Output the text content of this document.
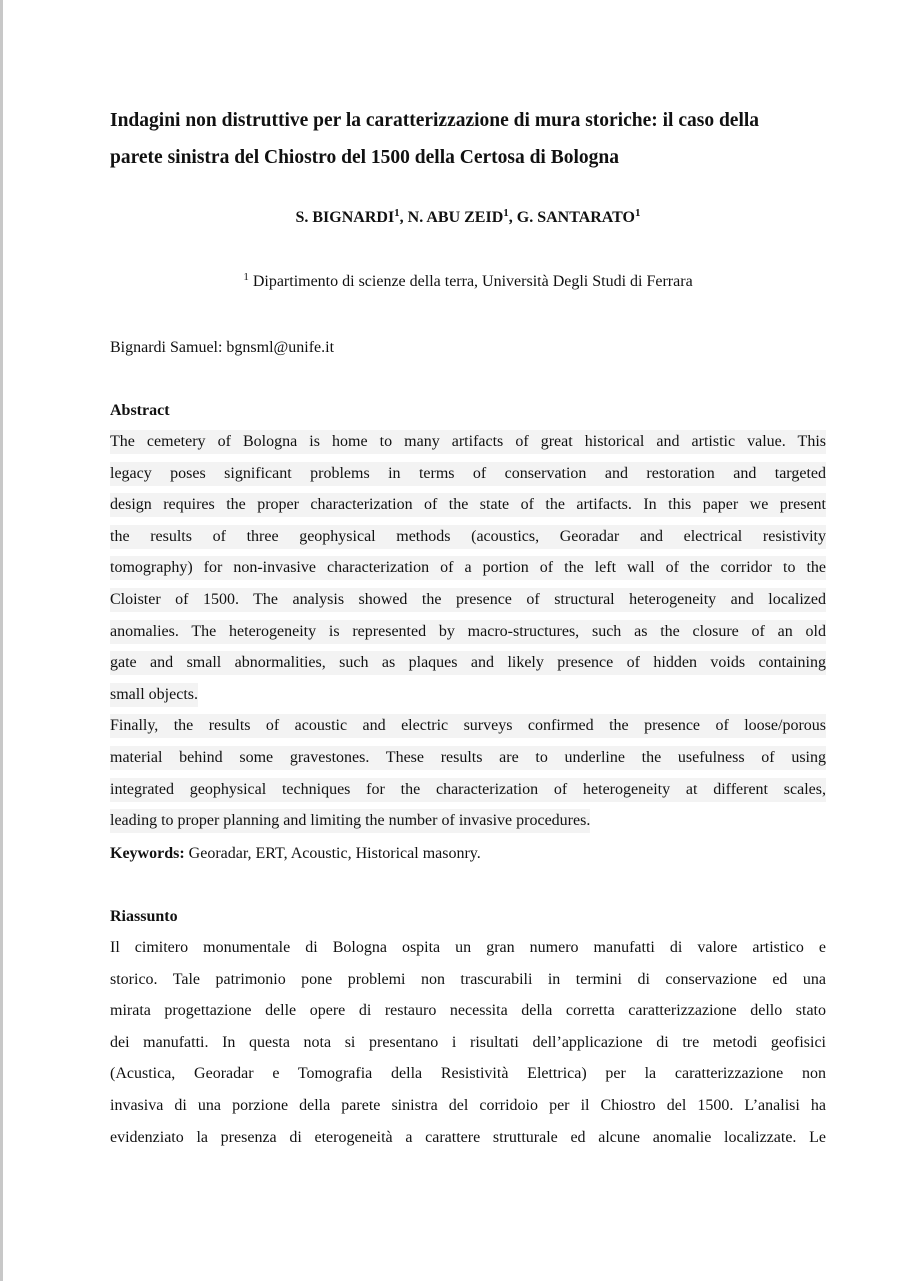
Indagini non distruttive per la caratterizzazione di mura storiche: il caso della
parete sinistra del Chiostro del 1500 della Certosa di Bologna
S. BIGNARDI$^1$, N. ABU ZEID$^1$, G. SANTARATO$^1$
$^1$ Dipartimento di scienze della terra, Università Degli Studi di Ferrara
Bignardi Samuel: bgnsml@unife.it
Abstract
The cemetery of Bologna is home to many artifacts of great historical and artistic value. This
legacy poses significant problems in terms of conservation and restoration and targeted
design requires the proper characterization of the state of the artifacts. In this paper we present
the results of three geophysical methods (acoustics, Georadar and electrical resistivity
tomography) for non-invasive characterization of a portion of the left wall of the corridor to the
Cloister of 1500. The analysis showed the presence of structural heterogeneity and localized
anomalies. The heterogeneity is represented by macro-structures, such as the closure of an old
gate and small abnormalities, such as plaques and likely presence of hidden voids containing
small objects.
Finally, the results of acoustic and electric surveys confirmed the presence of loose/porous
material behind some gravestones. These results are to underline the usefulness of using
integrated geophysical techniques for the characterization of heterogeneity at different scales,
leading to proper planning and limiting the number of invasive procedures.
Keywords: Georadar, ERT, Acoustic, Historical masonry.
Riassunto
Il cimitero monumentale di Bologna ospita un gran numero manufatti di valore artistico e
storico. Tale patrimonio pone problemi non trascurabili in termini di conservazione ed una
mirata progettazione delle opere di restauro necessita della corretta caratterizzazione dello stato
dei manufatti. In questa nota si presentano i risultati dell’applicazione di tre metodi geofisici
(Acustica, Georadar e Tomografia della Resistività Elettrica) per la caratterizzazione non
invasiva di una porzione della parete sinistra del corridoio per il Chiostro del 1500. L’analisi ha
evidenziato la presenza di eterogeneità a carattere strutturale ed alcune anomalie localizzate. Le
